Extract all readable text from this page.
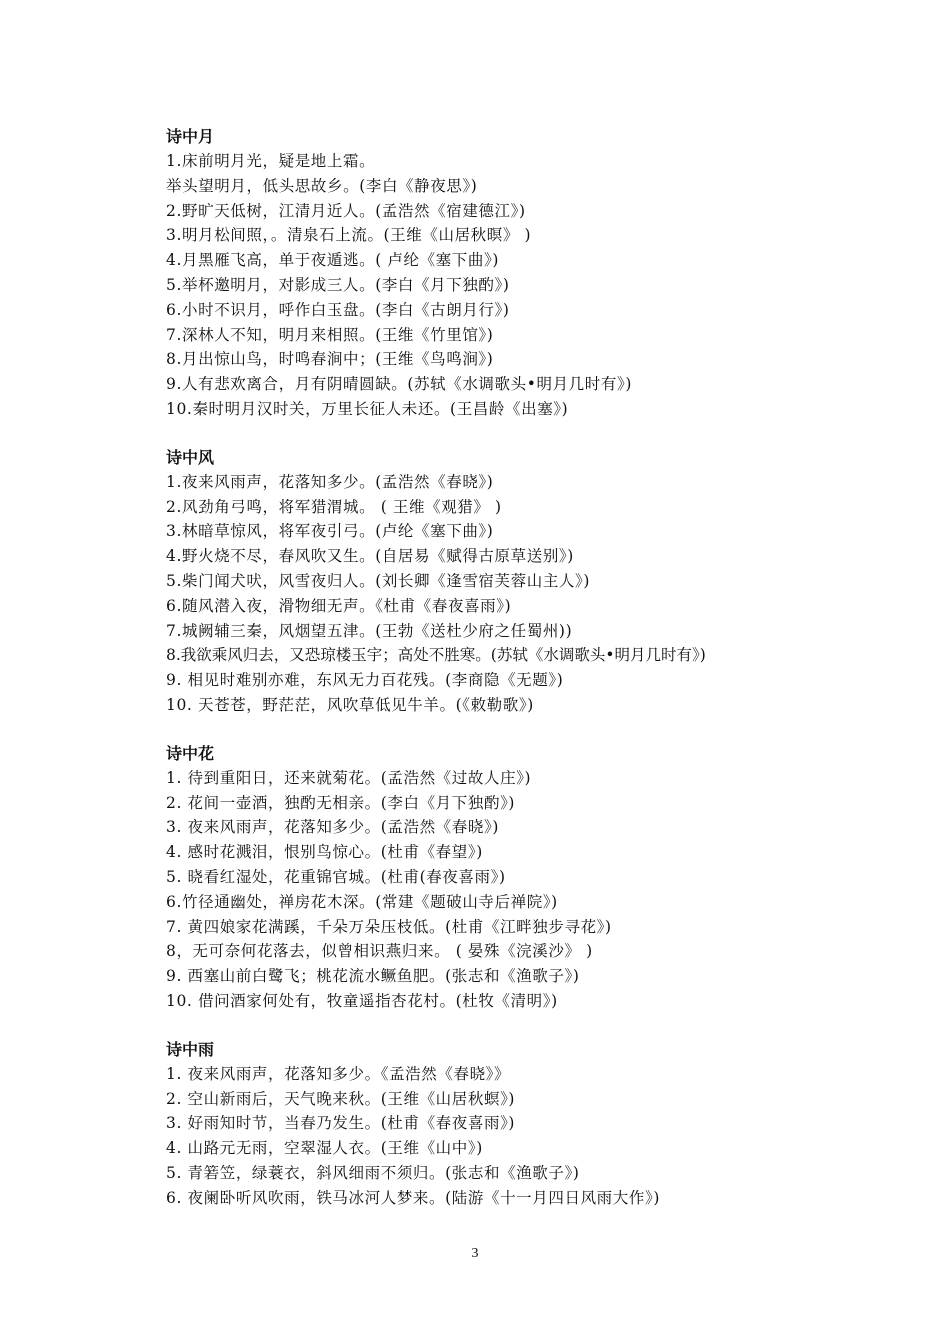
诗中月
1.床前明月光，疑是地上霜。
举头望明月，低头思故乡。(李白《静夜思》)
2.野旷天低树，江清月近人。(孟浩然《宿建德江》)
3.明月松间照，。清泉石上流。(王维《山居秋暝》 )
4.月黑雁飞高，单于夜遁逃。( 卢纶《塞下曲》)
5.举杯邀明月，对影成三人。(李白《月下独酌》)
6.小时不识月，呼作白玉盘。(李白《古朗月行》)
7.深林人不知，明月来相照。(王维《竹里馆》)
8.月出惊山鸟，时鸣春涧中；(王维《鸟鸣涧》)
9.人有悲欢离合，月有阴晴圆缺。(苏轼《水调歌头•明月几时有》)
10.秦时明月汉时关，万里长征人未还。(王昌龄《出塞》)
诗中风
1.夜来风雨声，花落知多少。(孟浩然《春晓》)
2.风劲角弓鸣，将军猎渭城。 ( 王维《观猎》 )
3.林暗草惊风，将军夜引弓。(卢纶《塞下曲》)
4.野火烧不尽，春风吹又生。(自居易《赋得古原草送别》)
5.柴门闻犬吠，风雪夜归人。(刘长卿《逢雪宿芙蓉山主人》)
6.随风潜入夜，滑物细无声。《杜甫《春夜喜雨》)
7.城阙辅三秦，风烟望五津。(王勃《送杜少府之任蜀州))
8.我欲乘风归去，又恐琼楼玉宇；高处不胜寒。(苏轼《水调歌头•明月几时有》)
9. 相见时难别亦难，东风无力百花残。(李商隐《无题》)
10. 天苍苍，野茫茫，风吹草低见牛羊。(《敕勒歌》)
诗中花
1. 待到重阳日，还来就菊花。(孟浩然《过故人庄》)
2. 花间一壶酒，独酌无相亲。(李白《月下独酌》)
3. 夜来风雨声，花落知多少。(孟浩然《春晓》)
4. 感时花溅泪，恨别鸟惊心。(杜甫《春望》)
5. 晓看红湿处，花重锦官城。(杜甫(春夜喜雨》)
6.竹径通幽处，禅房花木深。(常建《题破山寺后禅院》)
7. 黄四娘家花满蹊，千朵万朵压枝低。(杜甫《江畔独步寻花》)
8，无可奈何花落去，似曾相识燕归来。 ( 晏殊《浣溪沙》 )
9. 西塞山前白鹭飞；桃花流水鳜鱼肥。(张志和《渔歌子》)
10. 借问酒家何处有，牧童遥指杏花村。(杜牧《清明》)
诗中雨
1. 夜来风雨声，花落知多少。《孟浩然《春晓》》
2. 空山新雨后，天气晚来秋。(王维《山居秋螟》)
3. 好雨知时节，当春乃发生。(杜甫《春夜喜雨》)
4. 山路元无雨，空翠湿人衣。(王维《山中》)
5. 青箬笠，绿蓑衣，斜风细雨不须归。(张志和《渔歌子》)
6. 夜阑卧听风吹雨，铁马冰河人梦来。(陆游《十一月四日风雨大作》)
3
